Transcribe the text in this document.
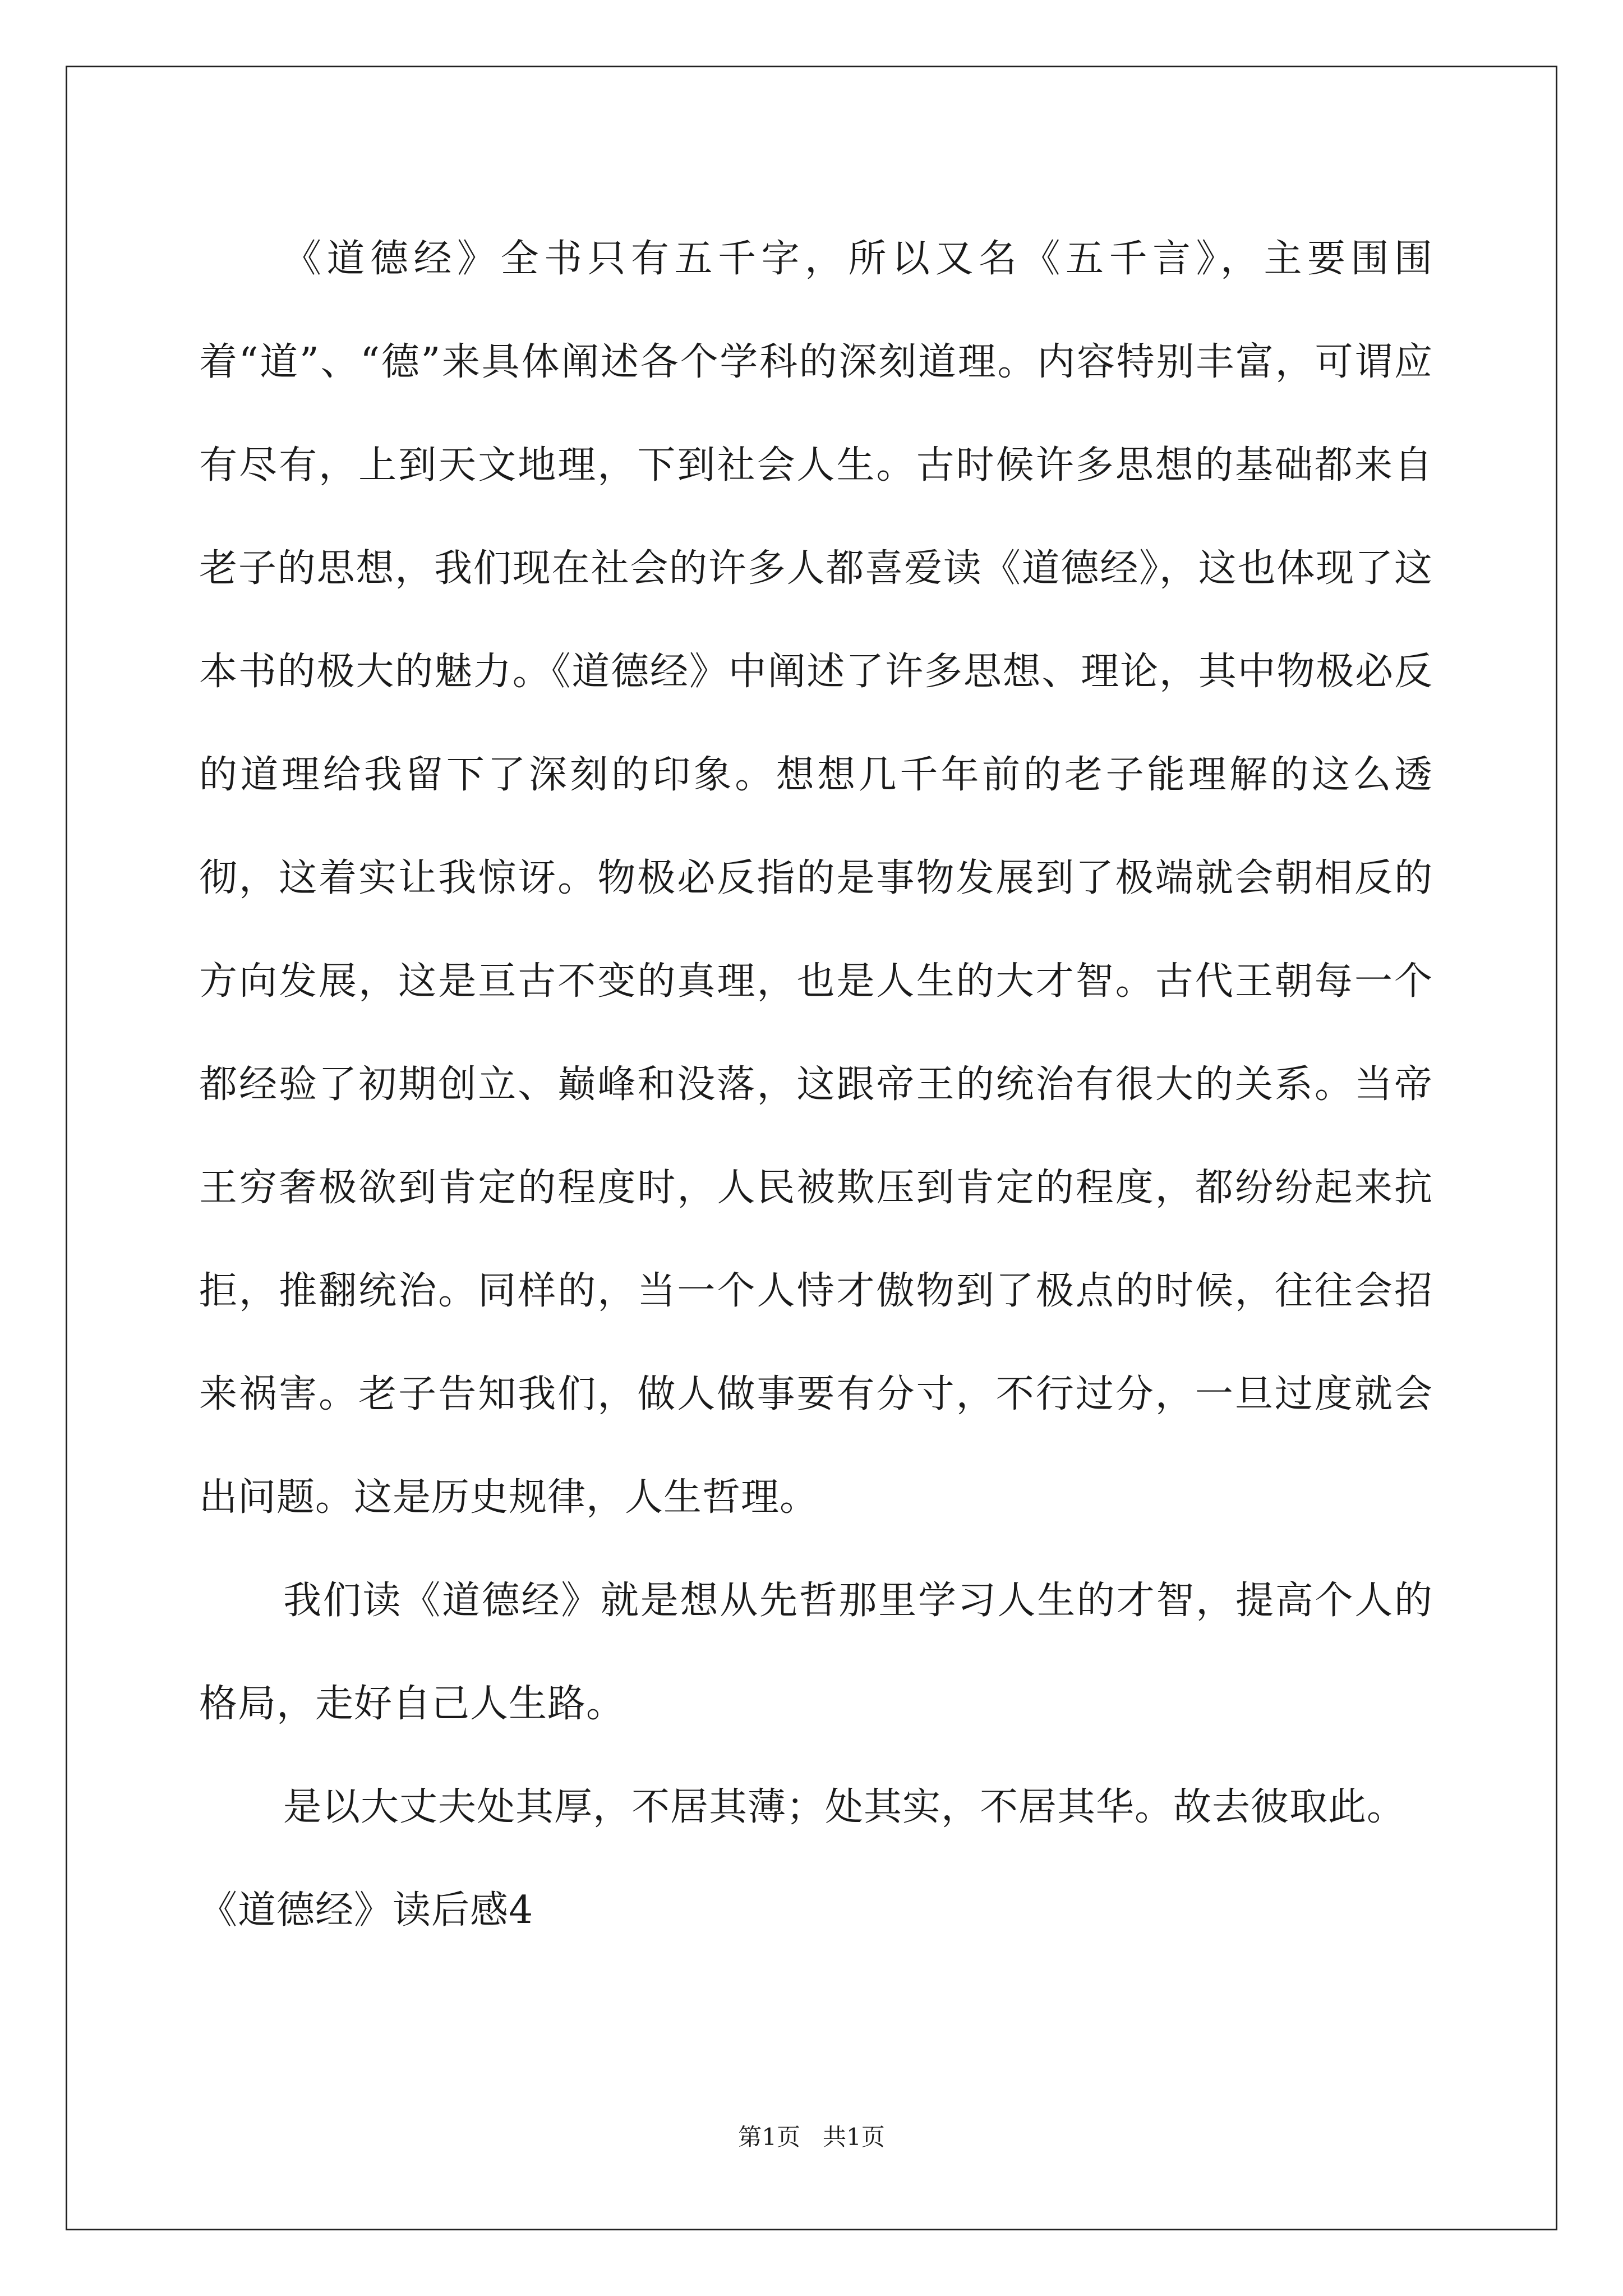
《道德经》全书只有五千字，所以又名《五千言》，主要围围着“道”、“德”来具体阐述各个学科的深刻道理。内容特别丰富，可谓应有尽有，上到天文地理，下到社会人生。古时候许多思想的基础都来自老子的思想，我们现在社会的许多人都喜爱读《道德经》，这也体现了这本书的极大的魅力。《道德经》中阐述了许多思想、理论，其中物极必反的道理给我留下了深刻的印象。想想几千年前的老子能理解的这么透彻，这着实让我惊讶。物极必反指的是事物发展到了极端就会朝相反的方向发展，这是亘古不变的真理，也是人生的大才智。古代王朝每一个都经验了初期创立、巅峰和没落，这跟帝王的统治有很大的关系。当帝王穷奢极欲到肯定的程度时，人民被欺压到肯定的程度，都纷纷起来抗拒，推翻统治。同样的，当一个人恃才傲物到了极点的时候，往往会招来祸害。老子告知我们，做人做事要有分寸，不行过分，一旦过度就会出问题。这是历史规律，人生哲理。

我们读《道德经》就是想从先哲那里学习人生的才智，提高个人的格局，走好自己人生路。

是以大丈夫处其厚，不居其薄；处其实，不居其华。故去彼取此。

《道德经》读后感4

第1页 共1页
